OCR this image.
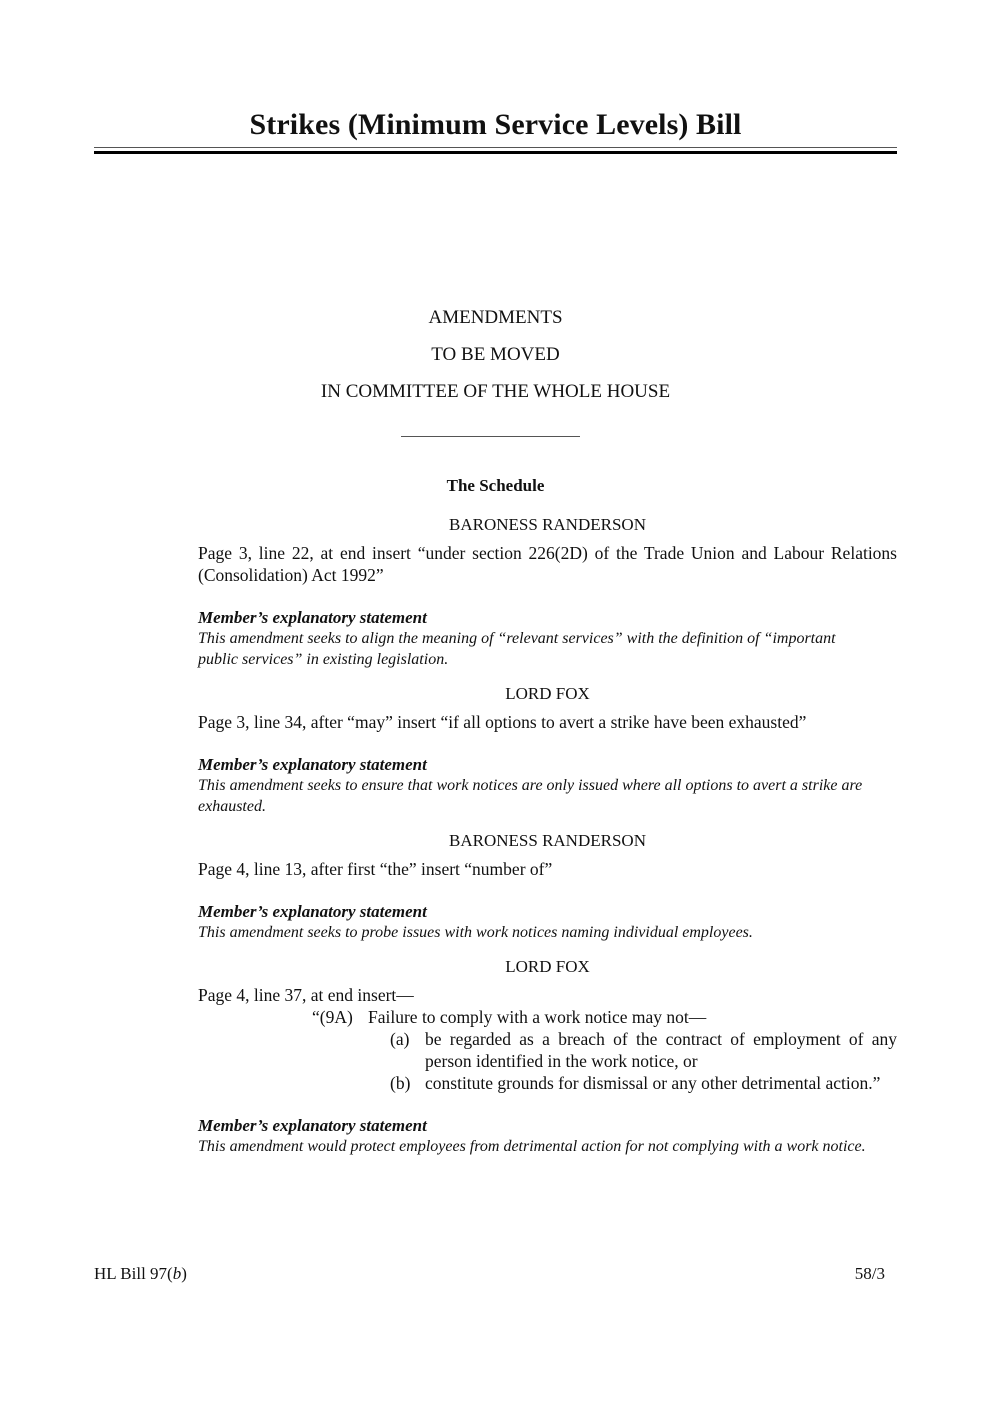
Strikes (Minimum Service Levels) Bill
AMENDMENTS
TO BE MOVED
IN COMMITTEE OF THE WHOLE HOUSE
The Schedule
BARONESS RANDERSON
Page 3, line 22, at end insert “under section 226(2D) of the Trade Union and Labour Relations (Consolidation) Act 1992”
Member’s explanatory statement
This amendment seeks to align the meaning of “relevant services” with the definition of “important public services” in existing legislation.
LORD FOX
Page 3, line 34, after “may” insert “if all options to avert a strike have been exhausted”
Member’s explanatory statement
This amendment seeks to ensure that work notices are only issued where all options to avert a strike are exhausted.
BARONESS RANDERSON
Page 4, line 13, after first “the” insert “number of”
Member’s explanatory statement
This amendment seeks to probe issues with work notices naming individual employees.
LORD FOX
Page 4, line 37, at end insert—
“(9A) Failure to comply with a work notice may not—
(a) be regarded as a breach of the contract of employment of any person identified in the work notice, or
(b) constitute grounds for dismissal or any other detrimental action.”
Member’s explanatory statement
This amendment would protect employees from detrimental action for not complying with a work notice.
HL Bill 97(b)	58/3
